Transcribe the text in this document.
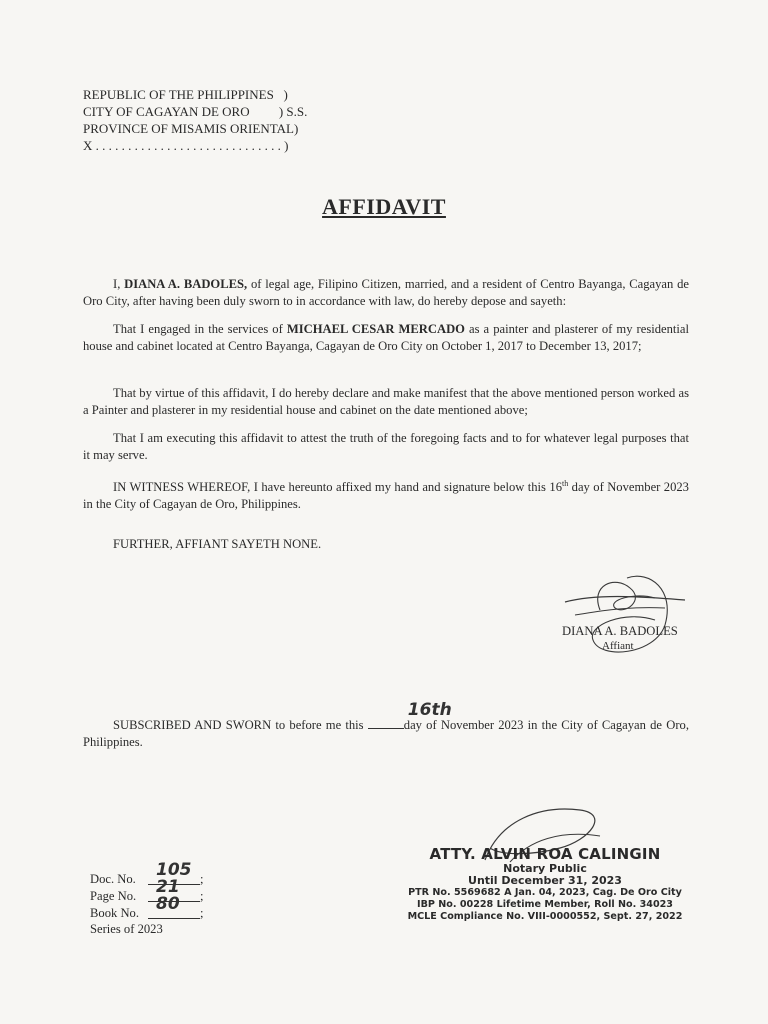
REPUBLIC OF THE PHILIPPINES   )
CITY OF CAGAYAN DE ORO         ) S.S.
PROVINCE OF MISAMIS ORIENTAL)
X . . . . . . . . . . . . . . . . . . . . . . . . . . . . . )
AFFIDAVIT
I, DIANA A. BADOLES, of legal age, Filipino Citizen, married, and a resident of Centro Bayanga, Cagayan de Oro City, after having been duly sworn to in accordance with law, do hereby depose and sayeth:
That I engaged in the services of MICHAEL CESAR MERCADO as a painter and plasterer of my residential house and cabinet located at Centro Bayanga, Cagayan de Oro City on October 1, 2017 to December 13, 2017;
That by virtue of this affidavit, I do hereby declare and make manifest that the above mentioned person worked as a Painter and plasterer in my residential house and cabinet on the date mentioned above;
That I am executing this affidavit to attest the truth of the foregoing facts and to for whatever legal purposes that it may serve.
IN WITNESS WHEREOF, I have hereunto affixed my hand and signature below this 16th day of November 2023 in the City of Cagayan de Oro, Philippines.
FURTHER, AFFIANT SAYETH NONE.
DIANA A. BADOLES
Affiant
SUBSCRIBED AND SWORN to before me this
16th
day of November 2023 in the City of Cagayan de Oro, Philippines.
ATTY. ALVIN ROA CALINGIN
Notary Public
Until December 31, 2023
PTR No. 5569682 A Jan. 04, 2023, Cag. De Oro City
IBP No. 00228 Lifetime Member, Roll No. 34023
MCLE Compliance No. VIII-0000552, Sept. 27, 2022
Doc. No. 105 ;
Page No. 21 ;
Book No. 80 ;
Series of 2023
